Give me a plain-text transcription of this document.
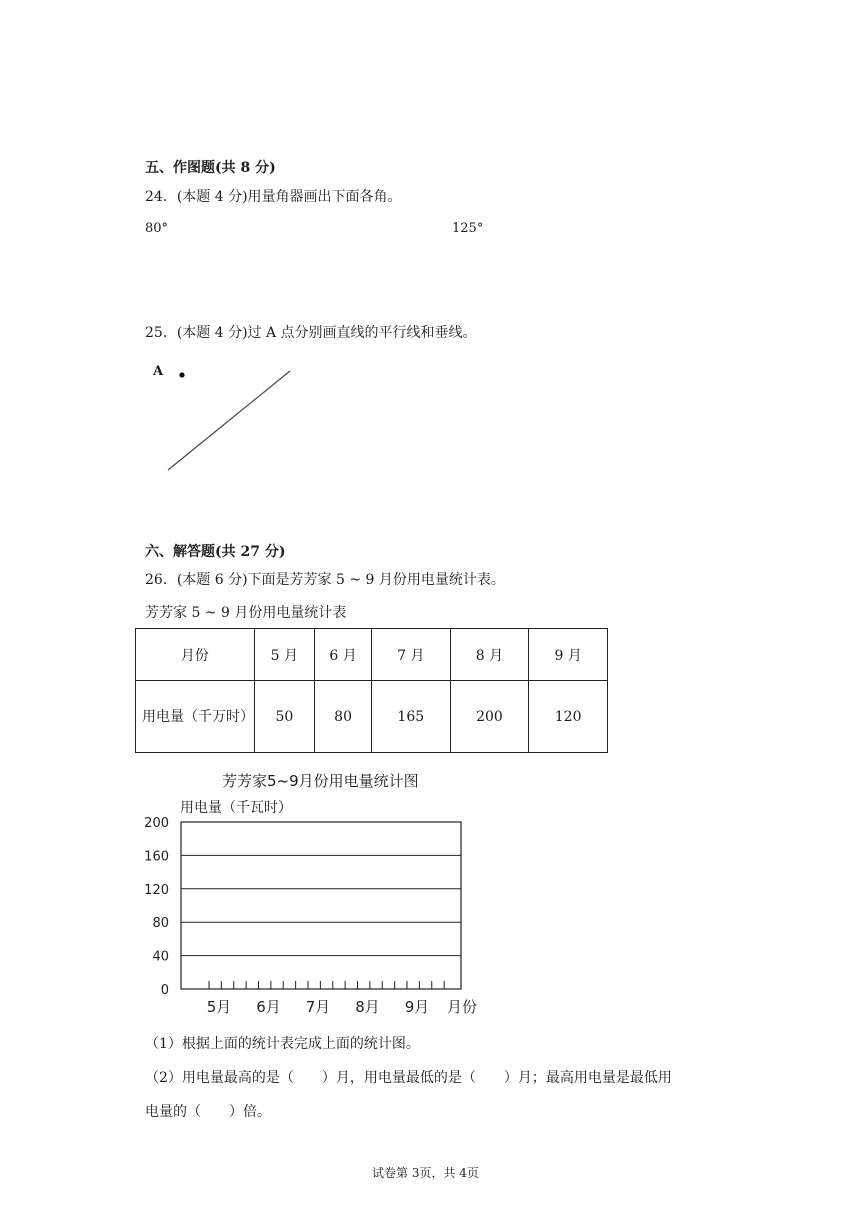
五、作图题(共 8 分)
24．(本题 4 分)用量角器画出下面各角。
80°	125°
25．(本题 4 分)过 A 点分别画直线的平行线和垂线。
A
六、解答题(共 27 分)
26．(本题 6 分)下面是芳芳家 5 ~ 9 月份用电量统计表。
芳芳家 5 ~ 9 月份用电量统计表
月份	5 月	6 月	7 月	8 月	9 月
用电量（千万时）	50	80	165	200	120
芳芳家5~9月份用电量统计图
用电量（千瓦时）
0
40
80
120
160
200
5月 6月 7月 8月 9月 月份
（1）根据上面的统计表完成上面的统计图。
（2）用电量最高的是（　　）月，用电量最低的是（　　）月；最高用电量是最低用
电量的（　　）倍。
试卷第 3页，共 4页
